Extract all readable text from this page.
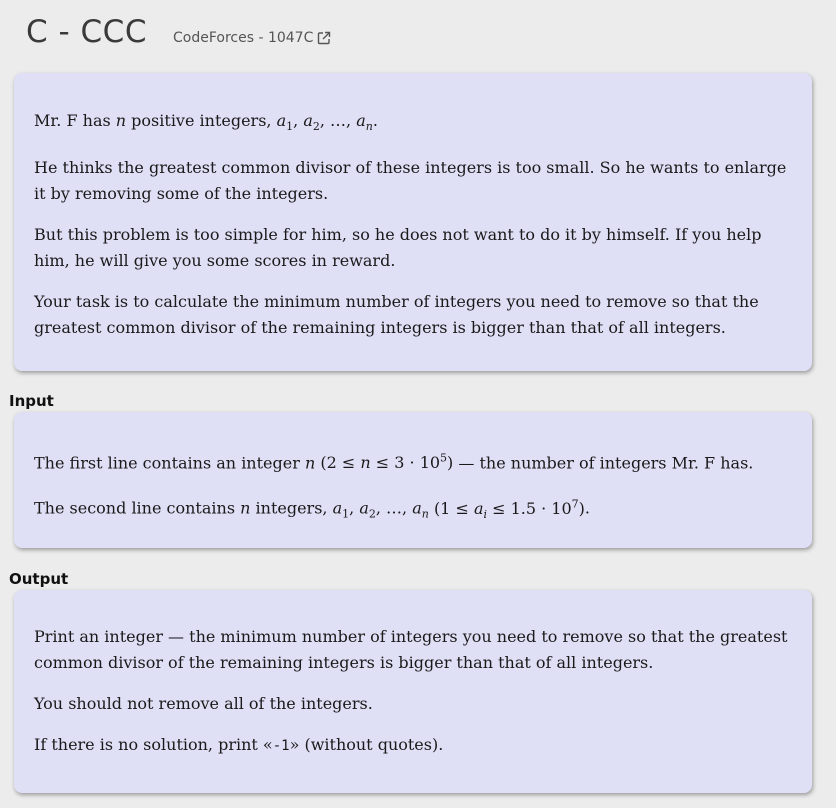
C - CCC CodeForces - 1047C

Mr. F has n positive integers, $a_1$, $a_2$, …, $a_n$.

He thinks the greatest common divisor of these integers is too small. So he wants to enlarge it by removing some of the integers.

But this problem is too simple for him, so he does not want to do it by himself. If you help him, he will give you some scores in reward.

Your task is to calculate the minimum number of integers you need to remove so that the greatest common divisor of the remaining integers is bigger than that of all integers.

Input

The first line contains an integer n $(2 \le n \le 3 \cdot 10^5)$ — the number of integers Mr. F has.

The second line contains n integers, $a_1$, $a_2$, …, $a_n$ $(1 \le a_i \le 1.5 \cdot 10^7)$.

Output

Print an integer — the minimum number of integers you need to remove so that the greatest common divisor of the remaining integers is bigger than that of all integers.

You should not remove all of the integers.

If there is no solution, print «-1» (without quotes).
